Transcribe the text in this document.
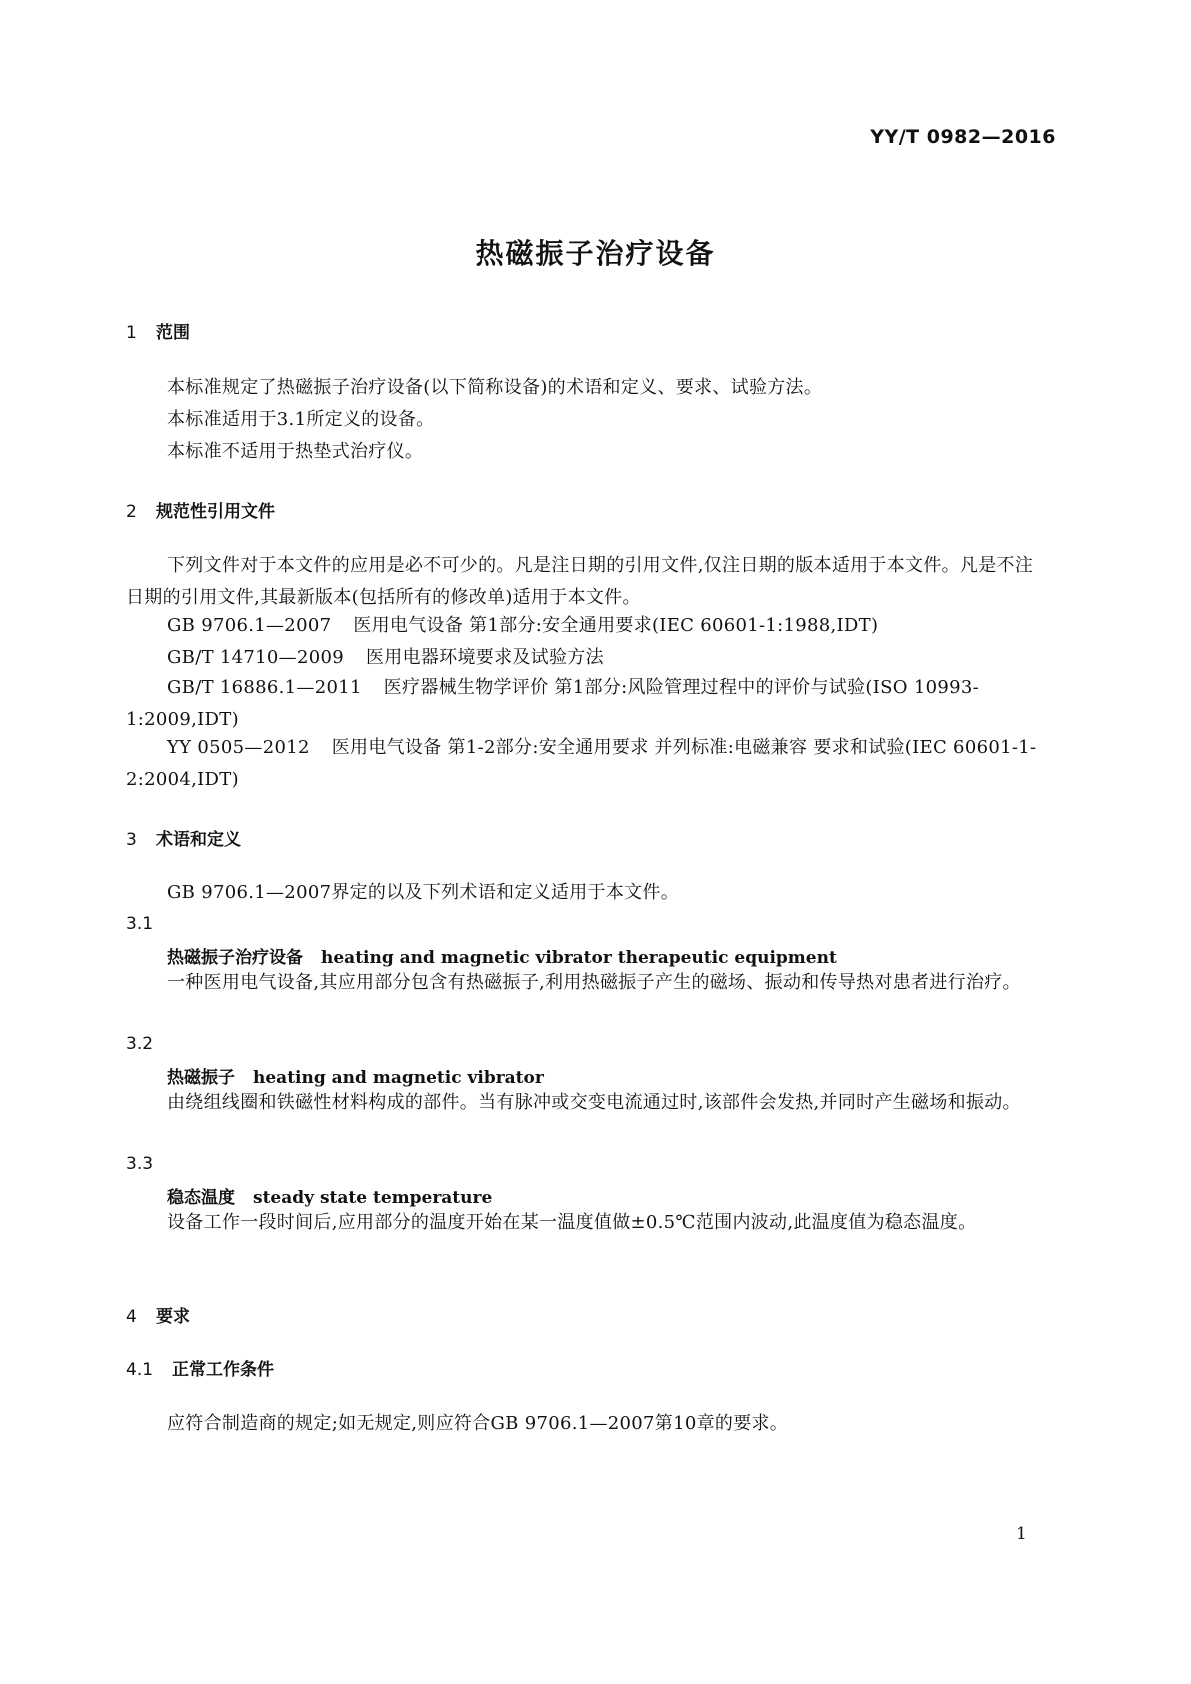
YY/T 0982—2016
热磁振子治疗设备
1 范围
本标准规定了热磁振子治疗设备(以下简称设备)的术语和定义、要求、试验方法。
本标准适用于3.1所定义的设备。
本标准不适用于热垫式治疗仪。
2 规范性引用文件
下列文件对于本文件的应用是必不可少的。凡是注日期的引用文件,仅注日期的版本适用于本文件。凡是不注日期的引用文件,其最新版本(包括所有的修改单)适用于本文件。
GB 9706.1—2007 医用电气设备 第1部分:安全通用要求(IEC 60601-1:1988,IDT)
GB/T 14710—2009 医用电器环境要求及试验方法
GB/T 16886.1—2011 医疗器械生物学评价 第1部分:风险管理过程中的评价与试验(ISO 10993-1:2009,IDT)
YY 0505—2012 医用电气设备 第1-2部分:安全通用要求 并列标准:电磁兼容 要求和试验(IEC 60601-1-2:2004,IDT)
3 术语和定义
GB 9706.1—2007界定的以及下列术语和定义适用于本文件。
3.1
热磁振子治疗设备 heating and magnetic vibrator therapeutic equipment
一种医用电气设备,其应用部分包含有热磁振子,利用热磁振子产生的磁场、振动和传导热对患者进行治疗。
3.2
热磁振子 heating and magnetic vibrator
由绕组线圈和铁磁性材料构成的部件。当有脉冲或交变电流通过时,该部件会发热,并同时产生磁场和振动。
3.3
稳态温度 steady state temperature
设备工作一段时间后,应用部分的温度开始在某一温度值做±0.5℃范围内波动,此温度值为稳态温度。
4 要求
4.1 正常工作条件
应符合制造商的规定;如无规定,则应符合GB 9706.1—2007第10章的要求。
1
